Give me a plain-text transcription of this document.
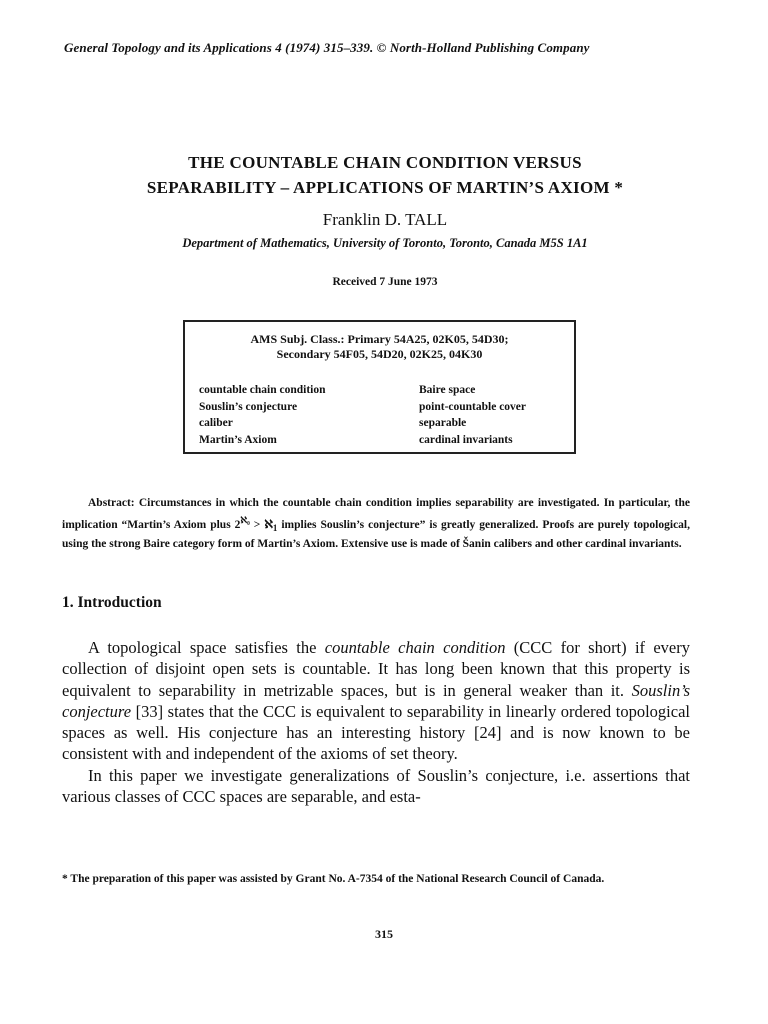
General Topology and its Applications 4 (1974) 315–339. © North-Holland Publishing Company
THE COUNTABLE CHAIN CONDITION VERSUS
SEPARABILITY – APPLICATIONS OF MARTIN’S AXIOM *
Franklin D. TALL
Department of Mathematics, University of Toronto, Toronto, Canada M5S 1A1
Received 7 June 1973
AMS Subj. Class.: Primary 54A25, 02K05, 54D30;
Secondary 54F05, 54D20, 02K25, 04K30
countable chain condition	Baire space
Souslin’s conjecture	point-countable cover
caliber	separable
Martin’s Axiom	cardinal invariants
Abstract: Circumstances in which the countable chain condition implies separability are investigated. In particular, the implication “Martin’s Axiom plus $2^{ℵ_0}$ > ℵ$_1$ implies Souslin’s conjecture” is greatly generalized. Proofs are purely topological, using the strong Baire category form of Martin’s Axiom. Extensive use is made of Šanin calibers and other cardinal invariants.
1. Introduction

A topological space satisfies the countable chain condition (CCC for short) if every collection of disjoint open sets is countable. It has long been known that this property is equivalent to separability in metrizable spaces, but is in general weaker than it. Souslin’s conjecture [33] states that the CCC is equivalent to separability in linearly ordered topological spaces as well. His conjecture has an interesting history [24] and is now known to be consistent with and independent of the axioms of set theory.

In this paper we investigate generalizations of Souslin’s conjecture, i.e. assertions that various classes of CCC spaces are separable, and esta-

* The preparation of this paper was assisted by Grant No. A-7354 of the National Research Council of Canada.
315
